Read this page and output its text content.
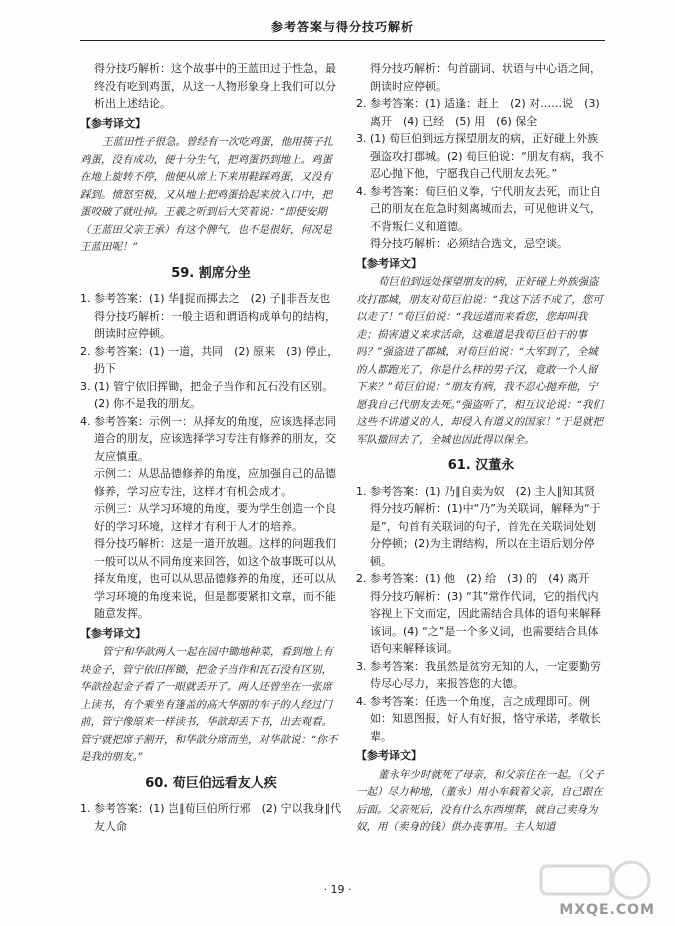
参考答案与得分技巧解析

得分技巧解析：这个故事中的王蓝田过于性急，最终没有吃到鸡蛋，从这一人物形象身上我们可以分析出上述结论。

【参考译文】

王蓝田性子很急。曾经有一次吃鸡蛋，他用筷子扎鸡蛋，没有成功，便十分生气，把鸡蛋扔到地上。鸡蛋在地上旋转不停，他便从席上下来用鞋踩鸡蛋，又没有踩到。愤怒至极，又从地上把鸡蛋拾起来放入口中，把蛋咬破了就吐掉。王羲之听到后大笑着说：“即使安期（王蓝田父亲王承）有这个脾气，也不是很好，何况是王蓝田呢！”

59. 割席分坐

1. 参考答案：(1) 华∥捉而掷去之　(2) 子∥非吾友也

得分技巧解析：一般主语和谓语构成单句的结构，朗读时应停顿。

2. 参考答案：(1) 一道，共同　(2) 原来　(3) 停止，扔下

3. (1) 管宁依旧挥锄，把金子当作和瓦石没有区别。　(2) 你不是我的朋友。

4. 参考答案：示例一：从择友的角度，应该选择志同道合的朋友，应该选择学习专注有修养的朋友，交友应慎重。

示例二：从思品德修养的角度，应加强自己的品德修养，学习应专注，这样才有机会成才。

示例三：从学习环境的角度，要为学生创造一个良好的学习环境，这样才有利于人才的培养。

得分技巧解析：这是一道开放题。这样的问题我们一般可以从不同角度来回答，如这个故事既可以从择友角度，也可以从思品德修养的角度，还可以从学习环境的角度来说，但是都要紧扣文章，而不能随意发挥。

【参考译文】

管宁和华歆两人一起在园中锄地种菜，看到地上有块金子，管宁依旧挥锄，把金子当作和瓦石没有区别，华歆捡起金子看了一眼就丢开了。两人还曾坐在一张席上读书，有个乘坐有篷盖的高大华丽的车子的人经过门前，管宁像原来一样读书，华歆却丢下书，出去观看。管宁就把席子割开，和华歆分席而坐，对华歆说：“你不是我的朋友。”

60. 荀巨伯远看友人疾

1. 参考答案：(1) 岂∥荀巨伯所行邪　(2) 宁以我身∥代友人命

得分技巧解析：句首副词、状语与中心语之间，朗读时应停顿。

2. 参考答案：(1) 适逢：赶上　(2) 对……说　(3) 离开　(4) 已经　(5) 用　(6) 保全

3. (1) 荀巨伯到远方探望朋友的病，正好碰上外族强盗攻打郡城。(2) 荀巨伯说：“朋友有病，我不忍心抛下他，宁愿我自己代朋友去死。”

4. 参考答案：荀巨伯义拳，宁代朋友去死，而让自己的朋友在危急时刻离城而去，可见他讲义气，不背叛仁义和道德。

得分技巧解析：必须结合选文，忌空谈。

【参考译文】

荀巨伯到远处探望朋友的病，正好碰上外族强盗攻打郡城，朋友对荀巨伯说：“我这下活不成了，您可以走了！”荀巨伯说：“我远道而来看您，您却叫我走；损害道义来求活命，这难道是我荀巨伯干的事吗？”强盗进了郡城，对荀巨伯说：“大军到了，全城的人都跑光了，你是什么样的男子汉，竟敢一个人留下来？”荀巨伯说：“朋友有病，我不忍心抛弃他，宁愿我自己代朋友去死。”强盗听了，相互议论说：“我们这些不讲道义的人，却侵入有道义的国家！”于是就把军队撤回去了，全城也因此得以保全。

61. 汉董永

1. 参考答案：(1) 乃∥自卖为奴　(2) 主人∥知其贤

得分技巧解析：(1)中“乃”为关联词，解释为“于是”，句首有关联词的句子，首先在关联词处划分停顿；(2)为主谓结构，所以在主语后划分停顿。

2. 参考答案：(1) 他　(2) 给　(3) 的　(4) 离开

得分技巧解析：(3) “其”常作代词，它的指代内容视上下文而定，因此需结合具体的语句来解释该词。(4) “之”是一个多义词，也需要结合具体语句来解释该词。

3. 参考答案：我虽然是贫穷无知的人，一定要勤劳侍尽心尽力，来报答您的大德。

4. 参考答案：任选一个角度，言之成理即可。例如：知恩图报，好人有好报，恪守承诺，孝敬长辈。

【参考译文】

董永年少时就死了母亲，和父亲住在一起。（父子一起）尽力种地，（董永）用小车载着父亲，自己跟在后面。父亲死后，没有什么东西埋葬，就自己卖身为奴，用（卖身的钱）供办丧事用。主人知道

· 19 ·
MXQE.COM
